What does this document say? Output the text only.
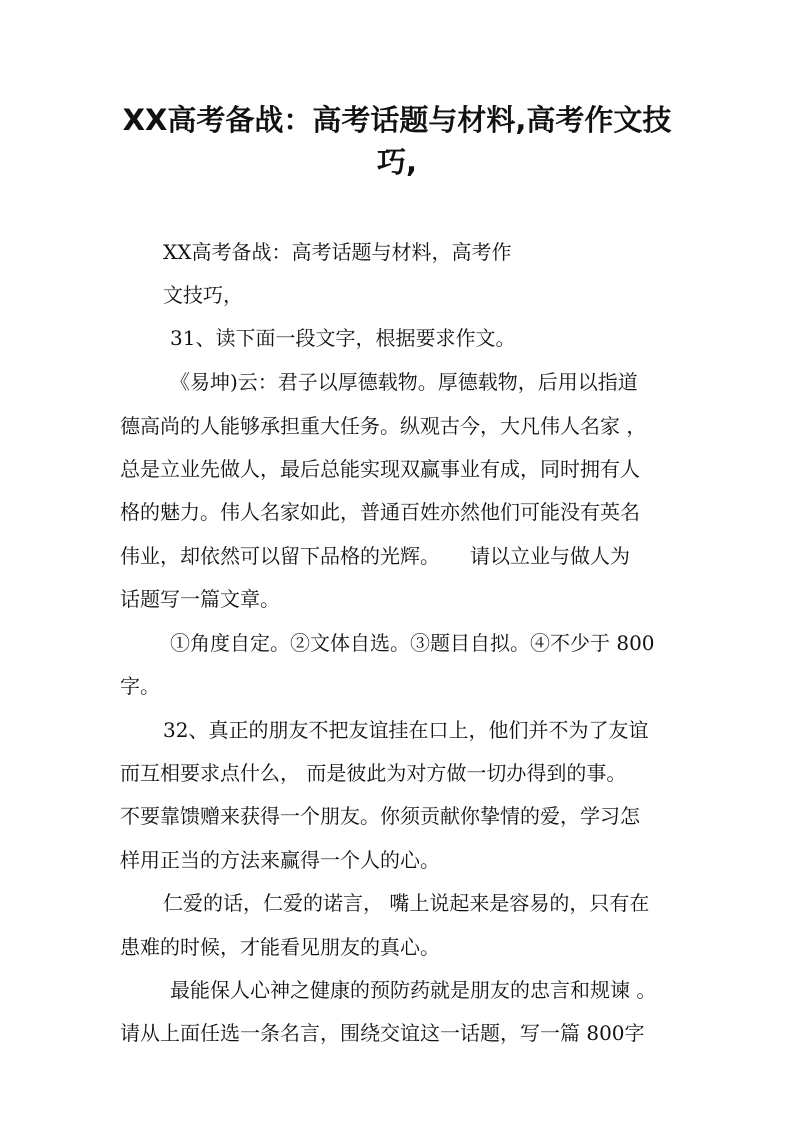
XX高考备战：高考话题与材料,高考作文技
巧,
XX高考备战：高考话题与材料，高考作
文技巧，
31、读下面一段文字，根据要求作文。
《易坤)云：君子以厚德载物。厚德载物，后用以指道
德高尚的人能够承担重大任务。纵观古今，大凡伟人名家 ，
总是立业先做人，最后总能实现双赢事业有成，同时拥有人
格的魅力。伟人名家如此，普通百姓亦然他们可能没有英名
伟业，却依然可以留下品格的光辉。　　请以立业与做人为
话题写一篇文章。
①角度自定。②文体自选。③题目自拟。④不少于 800
字。
32、真正的朋友不把友谊挂在口上，他们并不为了友谊
而互相要求点什么， 而是彼此为对方做一切办得到的事。
不要靠馈赠来获得一个朋友。你须贡献你挚情的爱，学习怎
样用正当的方法来赢得一个人的心。
仁爱的话，仁爱的诺言， 嘴上说起来是容易的，只有在
患难的时候，才能看见朋友的真心。
最能保人心神之健康的预防药就是朋友的忠言和规谏 。
请从上面任选一条名言，围绕交谊这一话题，写一篇 800字
